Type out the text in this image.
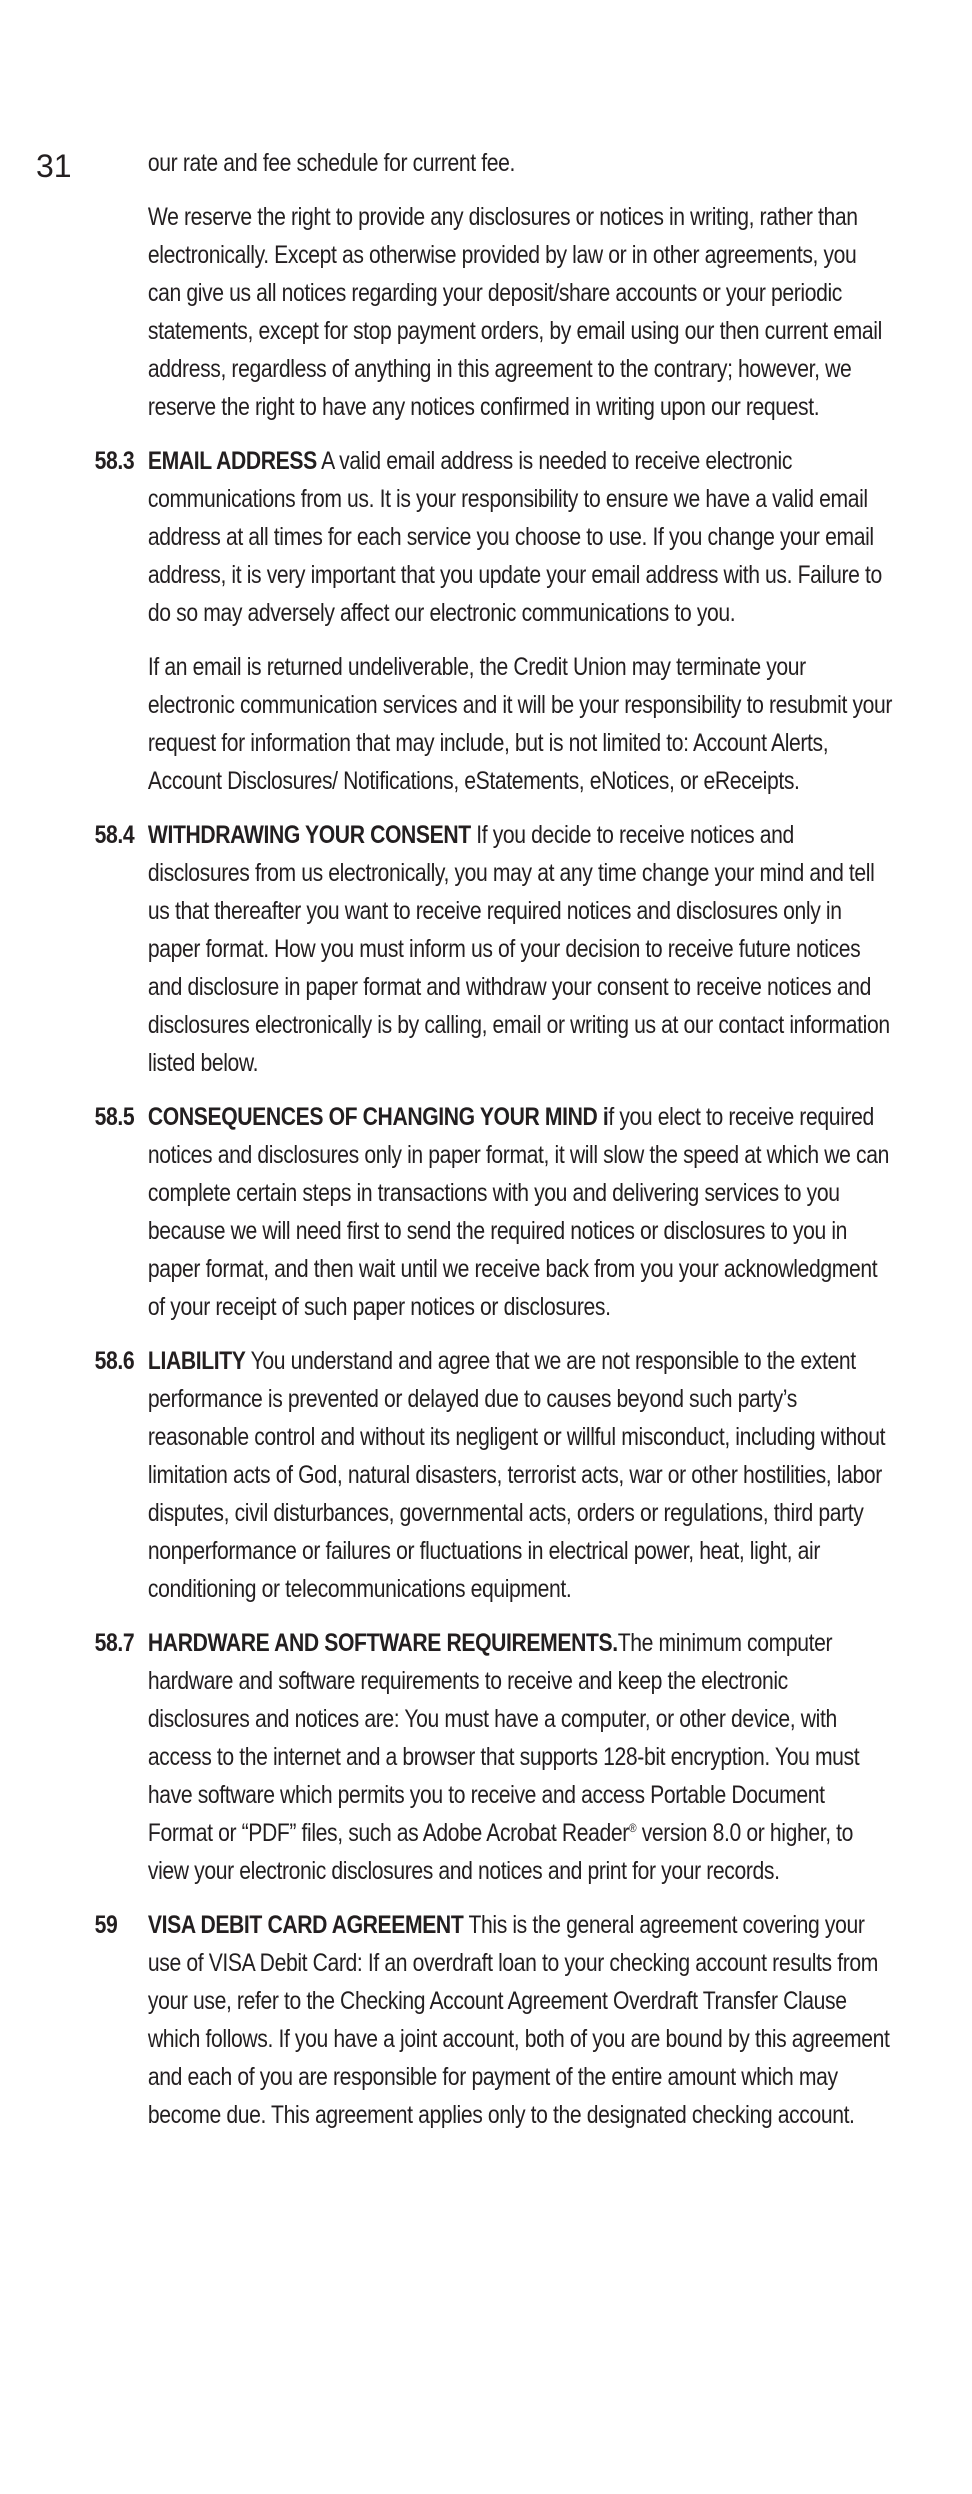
31	our rate and fee schedule for current fee.

We reserve the right to provide any disclosures or notices in writing, rather than electronically. Except as otherwise provided by law or in other agreements, you can give us all notices regarding your deposit/share accounts or your periodic statements, except for stop payment orders, by email using our then current email address, regardless of anything in this agreement to the contrary; however, we reserve the right to have any notices confirmed in writing upon our request.

58.3 EMAIL ADDRESS A valid email address is needed to receive electronic communications from us. It is your responsibility to ensure we have a valid email address at all times for each service you choose to use. If you change your email address, it is very important that you update your email address with us. Failure to do so may adversely affect our electronic communications to you.

If an email is returned undeliverable, the Credit Union may terminate your electronic communication services and it will be your responsibility to resubmit your request for information that may include, but is not limited to: Account Alerts, Account Disclosures/ Notifications, eStatements, eNotices, or eReceipts.

58.4 WITHDRAWING YOUR CONSENT If you decide to receive notices and disclosures from us electronically, you may at any time change your mind and tell us that thereafter you want to receive required notices and disclosures only in paper format. How you must inform us of your decision to receive future notices and disclosure in paper format and withdraw your consent to receive notices and disclosures electronically is by calling, email or writing us at our contact information listed below.

58.5 CONSEQUENCES OF CHANGING YOUR MIND if you elect to receive required notices and disclosures only in paper format, it will slow the speed at which we can complete certain steps in transactions with you and delivering services to you because we will need first to send the required notices or disclosures to you in paper format, and then wait until we receive back from you your acknowledgment of your receipt of such paper notices or disclosures.

58.6 LIABILITY You understand and agree that we are not responsible to the extent performance is prevented or delayed due to causes beyond such party’s reasonable control and without its negligent or willful misconduct, including without limitation acts of God, natural disasters, terrorist acts, war or other hostilities, labor disputes, civil disturbances, governmental acts, orders or regulations, third party nonperformance or failures or fluctuations in electrical power, heat, light, air conditioning or telecommunications equipment.

58.7 HARDWARE AND SOFTWARE REQUIREMENTS.The minimum computer hardware and software requirements to receive and keep the electronic disclosures and notices are: You must have a computer, or other device, with access to the internet and a browser that supports 128-bit encryption. You must have software which permits you to receive and access Portable Document Format or “PDF” files, such as Adobe Acrobat Reader® version 8.0 or higher, to view your electronic disclosures and notices and print for your records.

59 VISA DEBIT CARD AGREEMENT This is the general agreement covering your use of VISA Debit Card: If an overdraft loan to your checking account results from your use, refer to the Checking Account Agreement Overdraft Transfer Clause which follows. If you have a joint account, both of you are bound by this agreement and each of you are responsible for payment of the entire amount which may become due. This agreement applies only to the designated checking account.
